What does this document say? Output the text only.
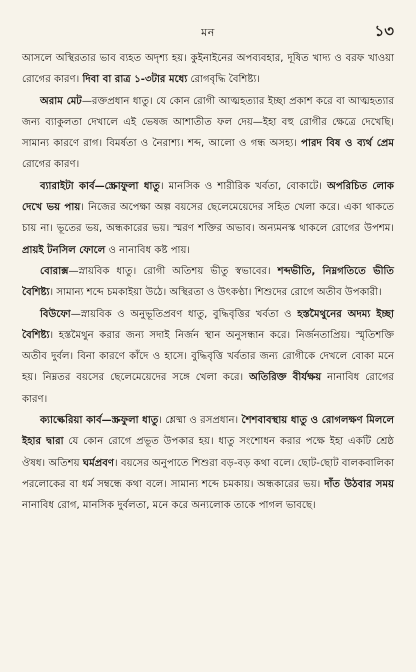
মন	১৩

আসলে অস্থিরতার ভাব ব্যহত অদৃশ্য হয়। কুইনাইনের অপব্যবহার, দূষিত খাদ্য ও বরফ খাওয়া রোগের কারণ। দিবা বা রাত্র ১-৩টার মধ্যে রোগবৃদ্ধি বৈশিষ্ট্য।

অরাম মেট—রক্তপ্রধান ধাতু। যে কোন রোগী আত্মহত্যার ইচ্ছা প্রকাশ করে বা আত্মহত্যার জন্য ব্যাকুলতা দেখালে এই ভেষজ আশাতীত ফল দেয়—ইহা বহু রোগীর ক্ষেত্রে দেখেছি। সামান্য কারণে রাগ। বিমর্ষতা ও নৈরাশ্য। শব্দ, আলো ও গন্ধ অসহ্য। পারদ বিষ ও ব্যর্থ প্রেম রোগের কারণ।

ব্যারাইটা কার্ব—স্ক্রোফুলা ধাতু। মানসিক ও শারীরিক খর্বতা, বোকাটে। অপরিচিত লোক দেখে ভয় পায়। নিজের অপেক্ষা অল্প বয়সের ছেলেমেয়েদের সহিত খেলা করে। একা থাকতে চায় না। ভূতের ভয়, অন্ধকারের ভয়। স্মরণ শক্তির অভাব। অন্যমনস্ক থাকলে রোগের উপশম। প্রায়ই টনসিল ফোলে ও নানাবিধ কষ্ট পায়।

বোরাক্স—স্নায়বিক ধাতু। রোগী অতিশয় ভীতু স্বভাবের। শব্দভীতি, নিম্নগতিতে ভীতি বৈশিষ্ট্য। সামান্য শব্দে চমকাইয়া উঠে। অস্থিরতা ও উৎকণ্ঠা। শিশুদের রোগে অতীব উপকারী।

বিউফো—স্নায়বিক ও অনুভূতিপ্রবণ ধাতু, বুদ্ধিবৃত্তির খর্বতা ও হস্তমৈথুনের অদম্য ইচ্ছা বৈশিষ্ট্য। হস্তমৈথুন করার জন্য সদাই নির্জন স্থান অনুসন্ধান করে। নির্জনতাপ্রিয়। স্মৃতিশক্তি অতীব দুর্বল। বিনা কারণে কাঁদে ও হাসে। বুদ্ধিবৃত্তি খর্বতার জন্য রোগীকে দেখলে বোকা মনে হয়। নিম্নতর বয়সের ছেলেমেয়েদের সঙ্গে খেলা করে। অতিরিক্ত বীর্যক্ষয় নানাবিধ রোগের কারণ।

ক্যাল্কেরিয়া কার্ব—স্ক্রফুলা ধাতু। শ্লেষ্মা ও রসপ্রধান। শৈশবাবস্থায় ধাতু ও রোগলক্ষণ মিললে ইহার দ্বারা যে কোন রোগে প্রভূত উপকার হয়। ধাতু সংশোধন করার পক্ষে ইহা একটি শ্রেষ্ঠ ঔষধ। অতিশয় ঘর্মপ্রবণ। বয়সের অনুপাতে শিশুরা বড়-বড় কথা বলে। ছোট-ছোট বালকবালিকা পরলোকের বা ধর্ম সম্বন্ধে কথা বলে। সামান্য শব্দে চমকায়। অন্ধকারের ভয়। দাঁত উঠবার সময় নানাবিধ রোগ, মানসিক দুর্বলতা, মনে করে অন্যলোক তাকে পাগল ভাবছে।
